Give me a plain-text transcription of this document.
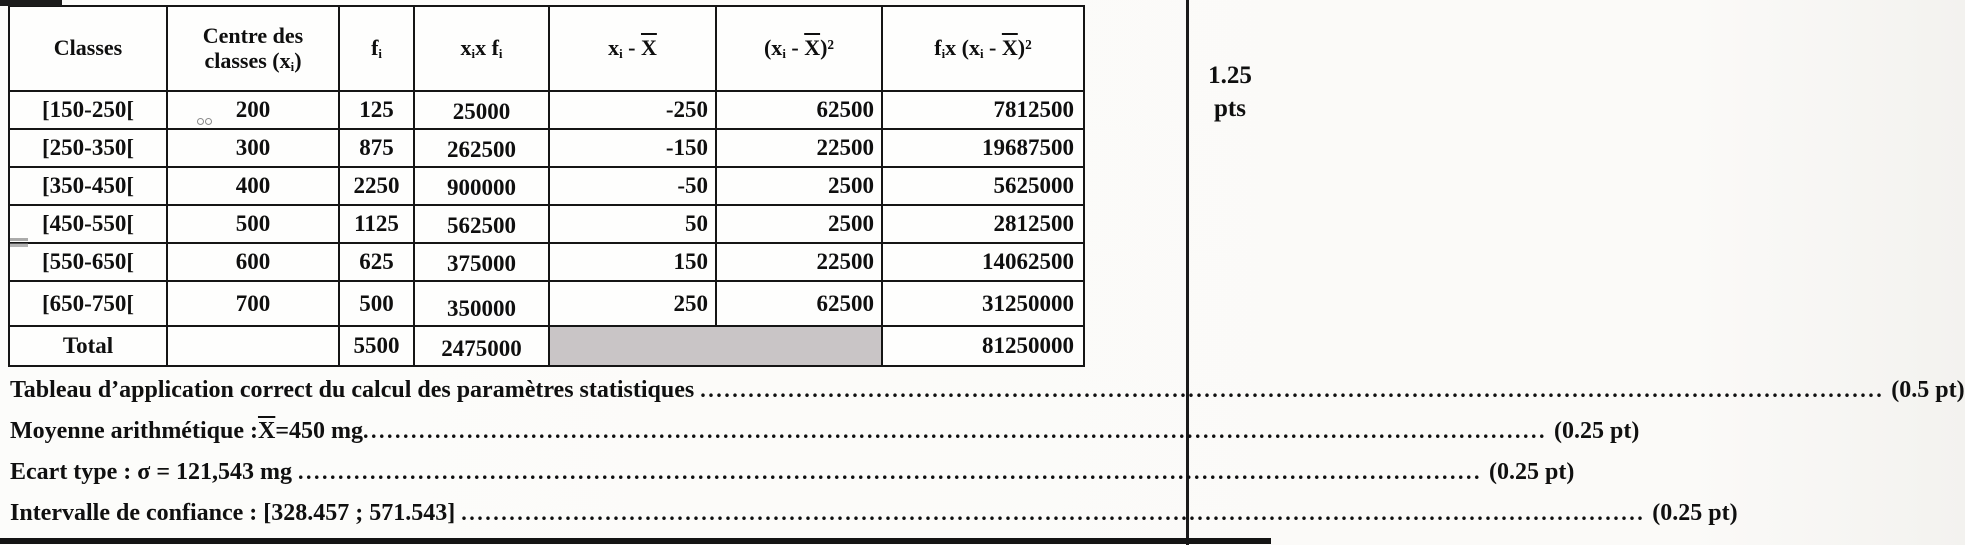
Classes	Centre des classes $(x_i)$	$f_i$	$x_ix$ $f_i$	$x_i - \overline{X}$	$(x_i - \overline{X})^2$	$f_ix$ $(x_i - \overline{X})^2$
[150-250[	200	125	25000	-250	62500	7812500
[250-350[	300	875	262500	-150	22500	19687500
[350-450[	400	2250	900000	-50	2500	5625000
[450-550[	500	1125	562500	50	2500	2812500
[550-650[	600	625	375000	150	22500	14062500
[650-750[	700	500	350000	250	62500	31250000
Total		5500	2475000			81250000
1.25
pts
Tableau d’application correct du calcul des paramètres statistiques .................................................................................................................................................... (0.5 pt)
Moyenne arithmétique $:\overline{X}=450$ mg .................................................................................................................................................... (0.25 pt)
Ecart type : σ = 121,543 mg .................................................................................................................................................... (0.25 pt)
Intervalle de confiance : [328.457 ; 571.543] .................................................................................................................................................... (0.25 pt)
